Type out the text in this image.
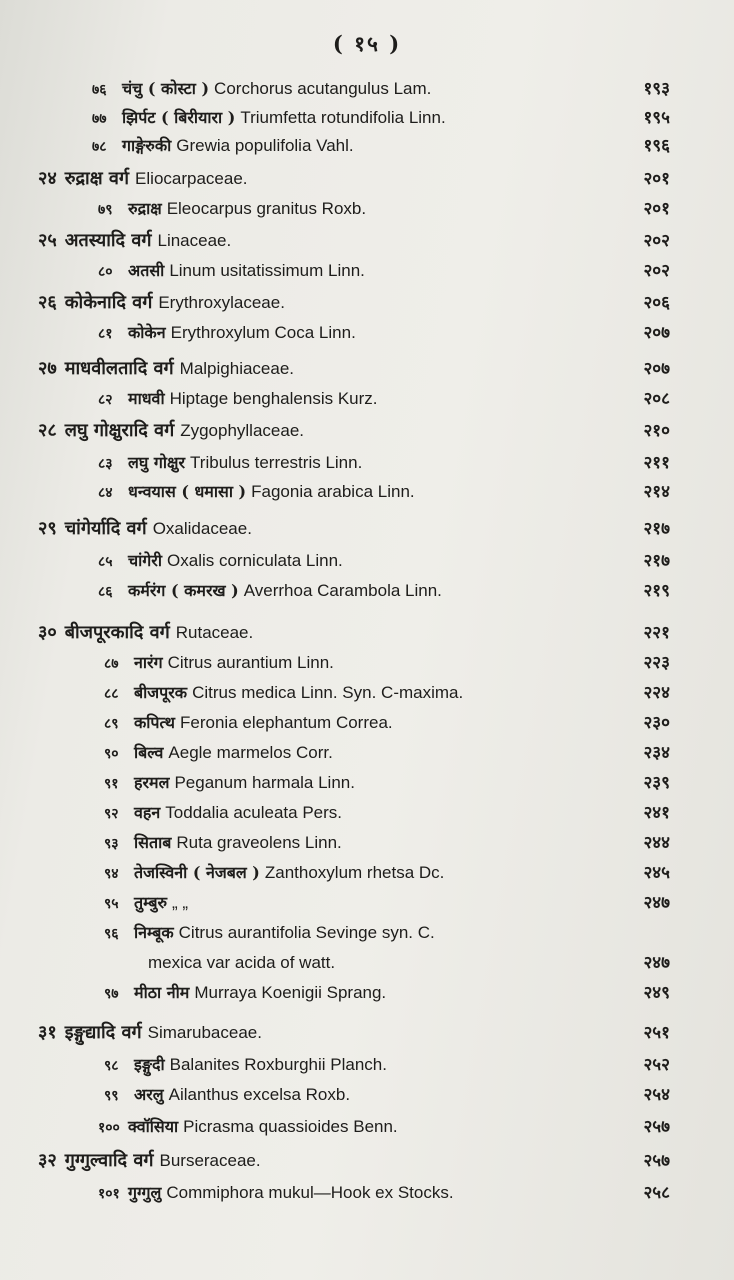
( १५ )
७६ चंचु ( कोस्टा ) Corchorus acutangulus Lam.	१९३
७७ झिर्पट ( बिरीयारा ) Triumfetta rotundifolia Linn.	१९५
७८ गाङ्गेरुकी Grewia populifolia Vahl.	१९६
२४ रुद्राक्ष वर्ग Eliocarpaceae.	२०१
७९ रुद्राक्ष Eleocarpus granitus Roxb.	२०१
२५ अतस्यादि वर्ग Linaceae.	२०२
८० अतसी Linum usitatissimum Linn.	२०२
२६ कोकेनादि वर्ग Erythroxylaceae.	२०६
८१ कोकेन Erythroxylum Coca Linn.	२०७
२७ माधवीलतादि वर्ग Malpighiaceae.	२०७
८२ माधवी Hiptage benghalensis Kurz.	२०८
२८ लघु गोक्षुरादि वर्ग Zygophyllaceae.	२१०
८३ लघु गोक्षुर Tribulus terrestris Linn.	२११
८४ धन्वयास ( धमासा ) Fagonia arabica Linn.	२१४
२९ चांगेर्यादि वर्ग Oxalidaceae.	२१७
८५ चांगेरी Oxalis corniculata Linn.	२१७
८६ कर्मरंग ( कमरख ) Averrhoa Carambola Linn.	२१९
३० बीजपूरकादि वर्ग Rutaceae.	२२१
८७ नारंग Citrus aurantium Linn.	२२३
८८ बीजपूरक Citrus medica Linn. Syn. C-maxima.	२२४
८९ कपित्थ Feronia elephantum Correa.	२३०
९० बिल्व Aegle marmelos Corr.	२३४
९१ हरमल Peganum harmala Linn.	२३९
९२ वहन Toddalia aculeata Pers.	२४१
९३ सिताब Ruta graveolens Linn.	२४४
९४ तेजस्विनी ( नेजबल ) Zanthoxylum rhetsa Dc.	२४५
९५ तुम्बुरु „ „	२४७
९६ निम्बूक Citrus aurantifolia Sevinge syn. C.
mexica var acida of watt.	२४७
९७ मीठा नीम Murraya Koenigii Sprang.	२४९
३१ इङ्गुद्यादि वर्ग Simarubaceae.	२५१
९८ इङ्गुदी Balanites Roxburghii Planch.	२५२
९९ अरलु Ailanthus excelsa Roxb.	२५४
१०० क्वॉसिया Picrasma quassioides Benn.	२५७
३२ गुग्गुल्वादि वर्ग Burseraceae.	२५७
१०१ गुग्गुलु Commiphora mukul—Hook ex Stocks.	२५८
